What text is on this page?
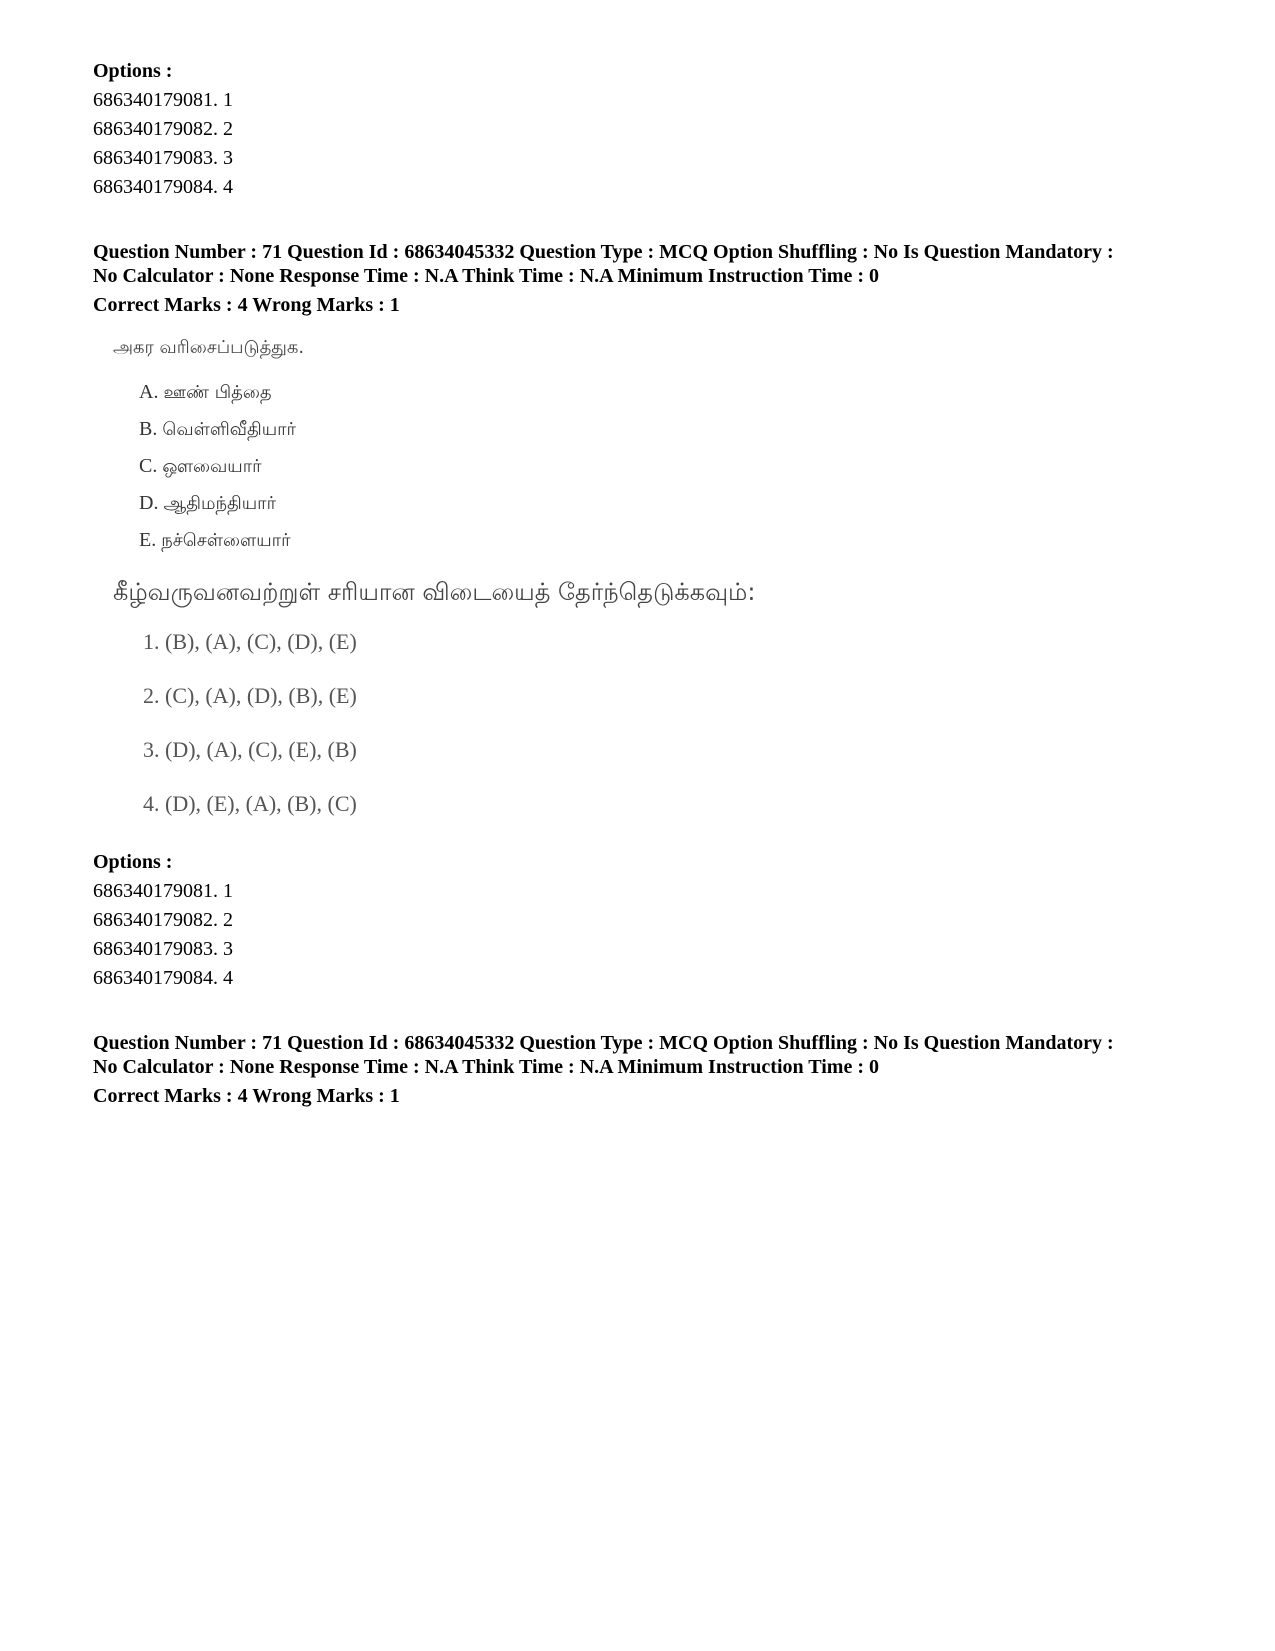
Options :
686340179081. 1
686340179082. 2
686340179083. 3
686340179084. 4
Question Number : 71 Question Id : 68634045332 Question Type : MCQ Option Shuffling : No Is Question Mandatory :
No Calculator : None Response Time : N.A Think Time : N.A Minimum Instruction Time : 0
Correct Marks : 4 Wrong Marks : 1
அகர வரிசைப்படுத்துக.
A. ஊண் பித்தை
B. வெள்ளிவீதியார்
C. ஔவையார்
D. ஆதிமந்தியார்
E. நச்செள்ளையார்
கீழ்வருவனவற்றுள் சரியான விடையைத் தேர்ந்தெடுக்கவும்:
1. (B), (A), (C), (D), (E)
2. (C), (A), (D), (B), (E)
3. (D), (A), (C), (E), (B)
4. (D), (E), (A), (B), (C)
Options :
686340179081. 1
686340179082. 2
686340179083. 3
686340179084. 4
Question Number : 71 Question Id : 68634045332 Question Type : MCQ Option Shuffling : No Is Question Mandatory :
No Calculator : None Response Time : N.A Think Time : N.A Minimum Instruction Time : 0
Correct Marks : 4 Wrong Marks : 1
